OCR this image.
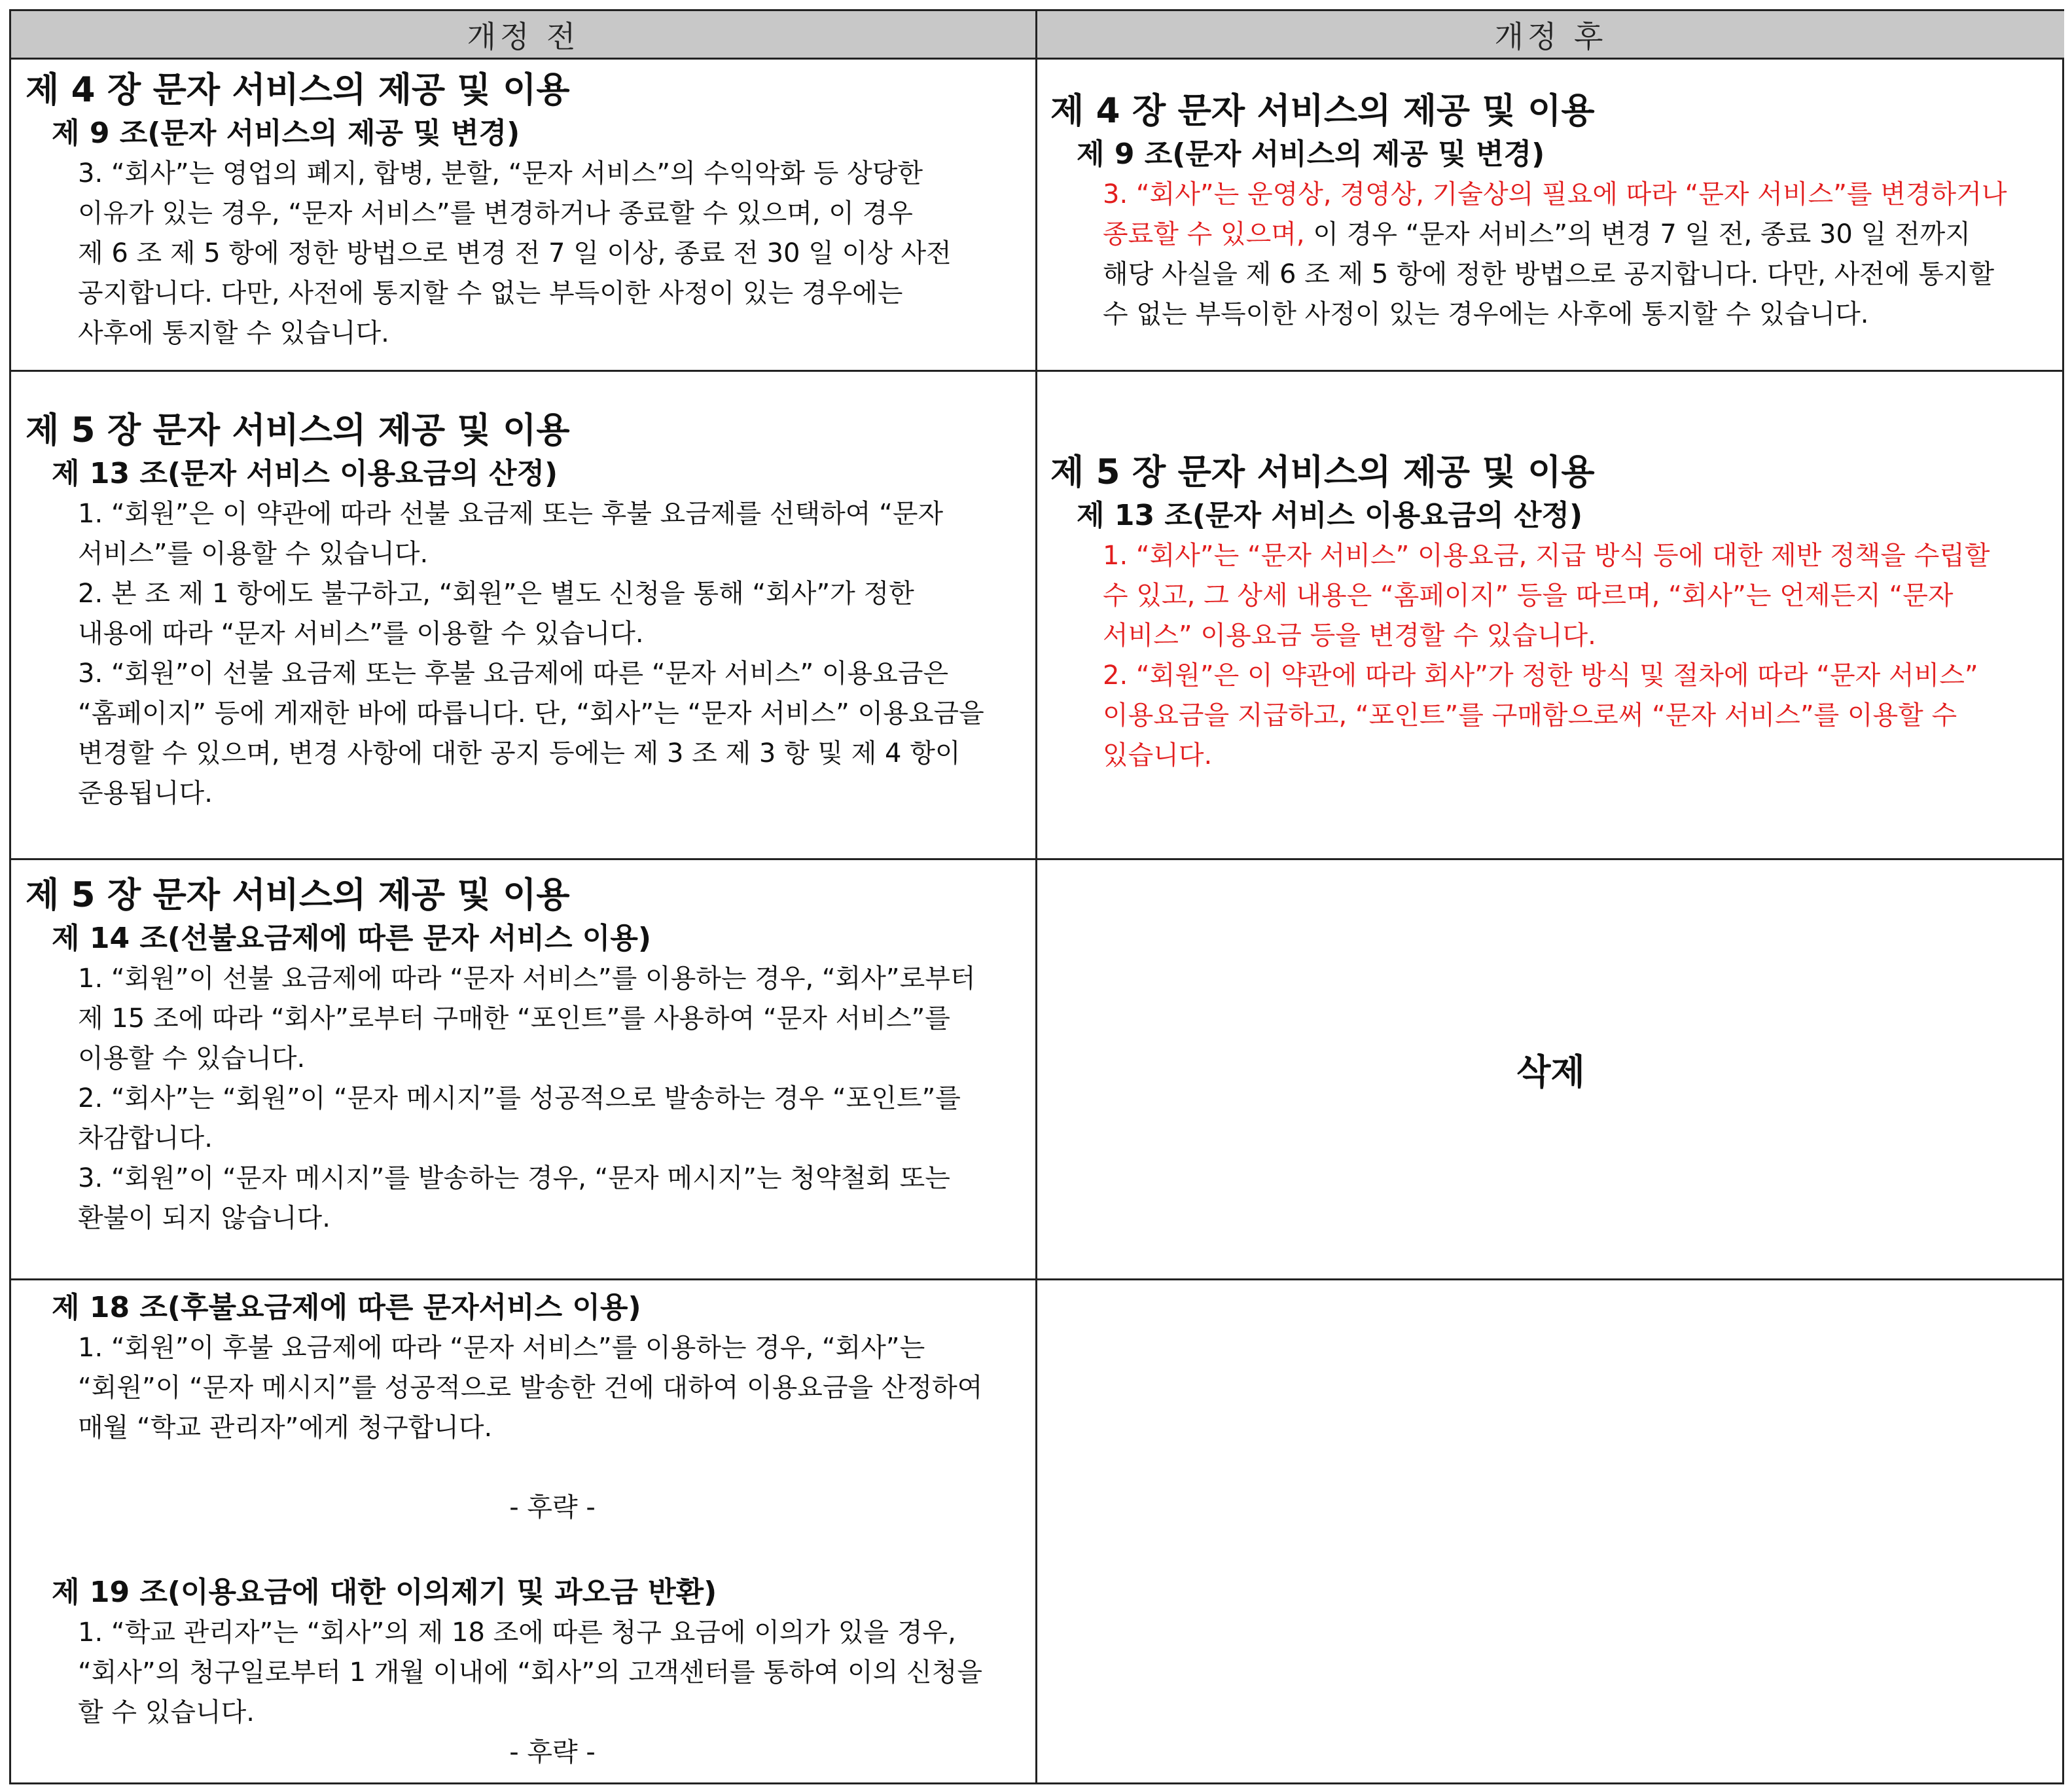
개정 전	개정 후
제 4 장 문자 서비스의 제공 및 이용
제 9 조(문자 서비스의 제공 및 변경)
3. “회사”는 영업의 폐지, 합병, 분할, “문자 서비스”의 수익악화 등 상당한
이유가 있는 경우, “문자 서비스”를 변경하거나 종료할 수 있으며, 이 경우
제 6 조 제 5 항에 정한 방법으로 변경 전 7 일 이상, 종료 전 30 일 이상 사전
공지합니다. 다만, 사전에 통지할 수 없는 부득이한 사정이 있는 경우에는
사후에 통지할 수 있습니다.
제 4 장 문자 서비스의 제공 및 이용
제 9 조(문자 서비스의 제공 및 변경)
3. “회사”는 운영상, 경영상, 기술상의 필요에 따라 “문자 서비스”를 변경하거나
종료할 수 있으며, 이 경우 “문자 서비스”의 변경 7 일 전, 종료 30 일 전까지
해당 사실을 제 6 조 제 5 항에 정한 방법으로 공지합니다. 다만, 사전에 통지할
수 없는 부득이한 사정이 있는 경우에는 사후에 통지할 수 있습니다.
제 5 장 문자 서비스의 제공 및 이용
제 13 조(문자 서비스 이용요금의 산정)
1. “회원”은 이 약관에 따라 선불 요금제 또는 후불 요금제를 선택하여 “문자
서비스”를 이용할 수 있습니다.
2. 본 조 제 1 항에도 불구하고, “회원”은 별도 신청을 통해 “회사”가 정한
내용에 따라 “문자 서비스”를 이용할 수 있습니다.
3. “회원”이 선불 요금제 또는 후불 요금제에 따른 “문자 서비스” 이용요금은
“홈페이지” 등에 게재한 바에 따릅니다. 단, “회사”는 “문자 서비스” 이용요금을
변경할 수 있으며, 변경 사항에 대한 공지 등에는 제 3 조 제 3 항 및 제 4 항이
준용됩니다.
제 5 장 문자 서비스의 제공 및 이용
제 13 조(문자 서비스 이용요금의 산정)
1. “회사”는 “문자 서비스” 이용요금, 지급 방식 등에 대한 제반 정책을 수립할
수 있고, 그 상세 내용은 “홈페이지” 등을 따르며, “회사”는 언제든지 “문자
서비스” 이용요금 등을 변경할 수 있습니다.
2. “회원”은 이 약관에 따라 회사”가 정한 방식 및 절차에 따라 “문자 서비스”
이용요금을 지급하고, “포인트”를 구매함으로써 “문자 서비스”를 이용할 수
있습니다.
제 5 장 문자 서비스의 제공 및 이용
제 14 조(선불요금제에 따른 문자 서비스 이용)
1. “회원”이 선불 요금제에 따라 “문자 서비스”를 이용하는 경우, “회사”로부터
제 15 조에 따라 “회사”로부터 구매한 “포인트”를 사용하여 “문자 서비스”를
이용할 수 있습니다.
2. “회사”는 “회원”이 “문자 메시지”를 성공적으로 발송하는 경우 “포인트”를
차감합니다.
3. “회원”이 “문자 메시지”를 발송하는 경우, “문자 메시지”는 청약철회 또는
환불이 되지 않습니다.
삭제
제 18 조(후불요금제에 따른 문자서비스 이용)
1. “회원”이 후불 요금제에 따라 “문자 서비스”를 이용하는 경우, “회사”는
“회원”이 “문자 메시지”를 성공적으로 발송한 건에 대하여 이용요금을 산정하여
매월 “학교 관리자”에게 청구합니다.
- 후략 -
제 19 조(이용요금에 대한 이의제기 및 과오금 반환)
1. “학교 관리자”는 “회사”의 제 18 조에 따른 청구 요금에 이의가 있을 경우,
“회사”의 청구일로부터 1 개월 이내에 “회사”의 고객센터를 통하여 이의 신청을
할 수 있습니다.
- 후략 -
